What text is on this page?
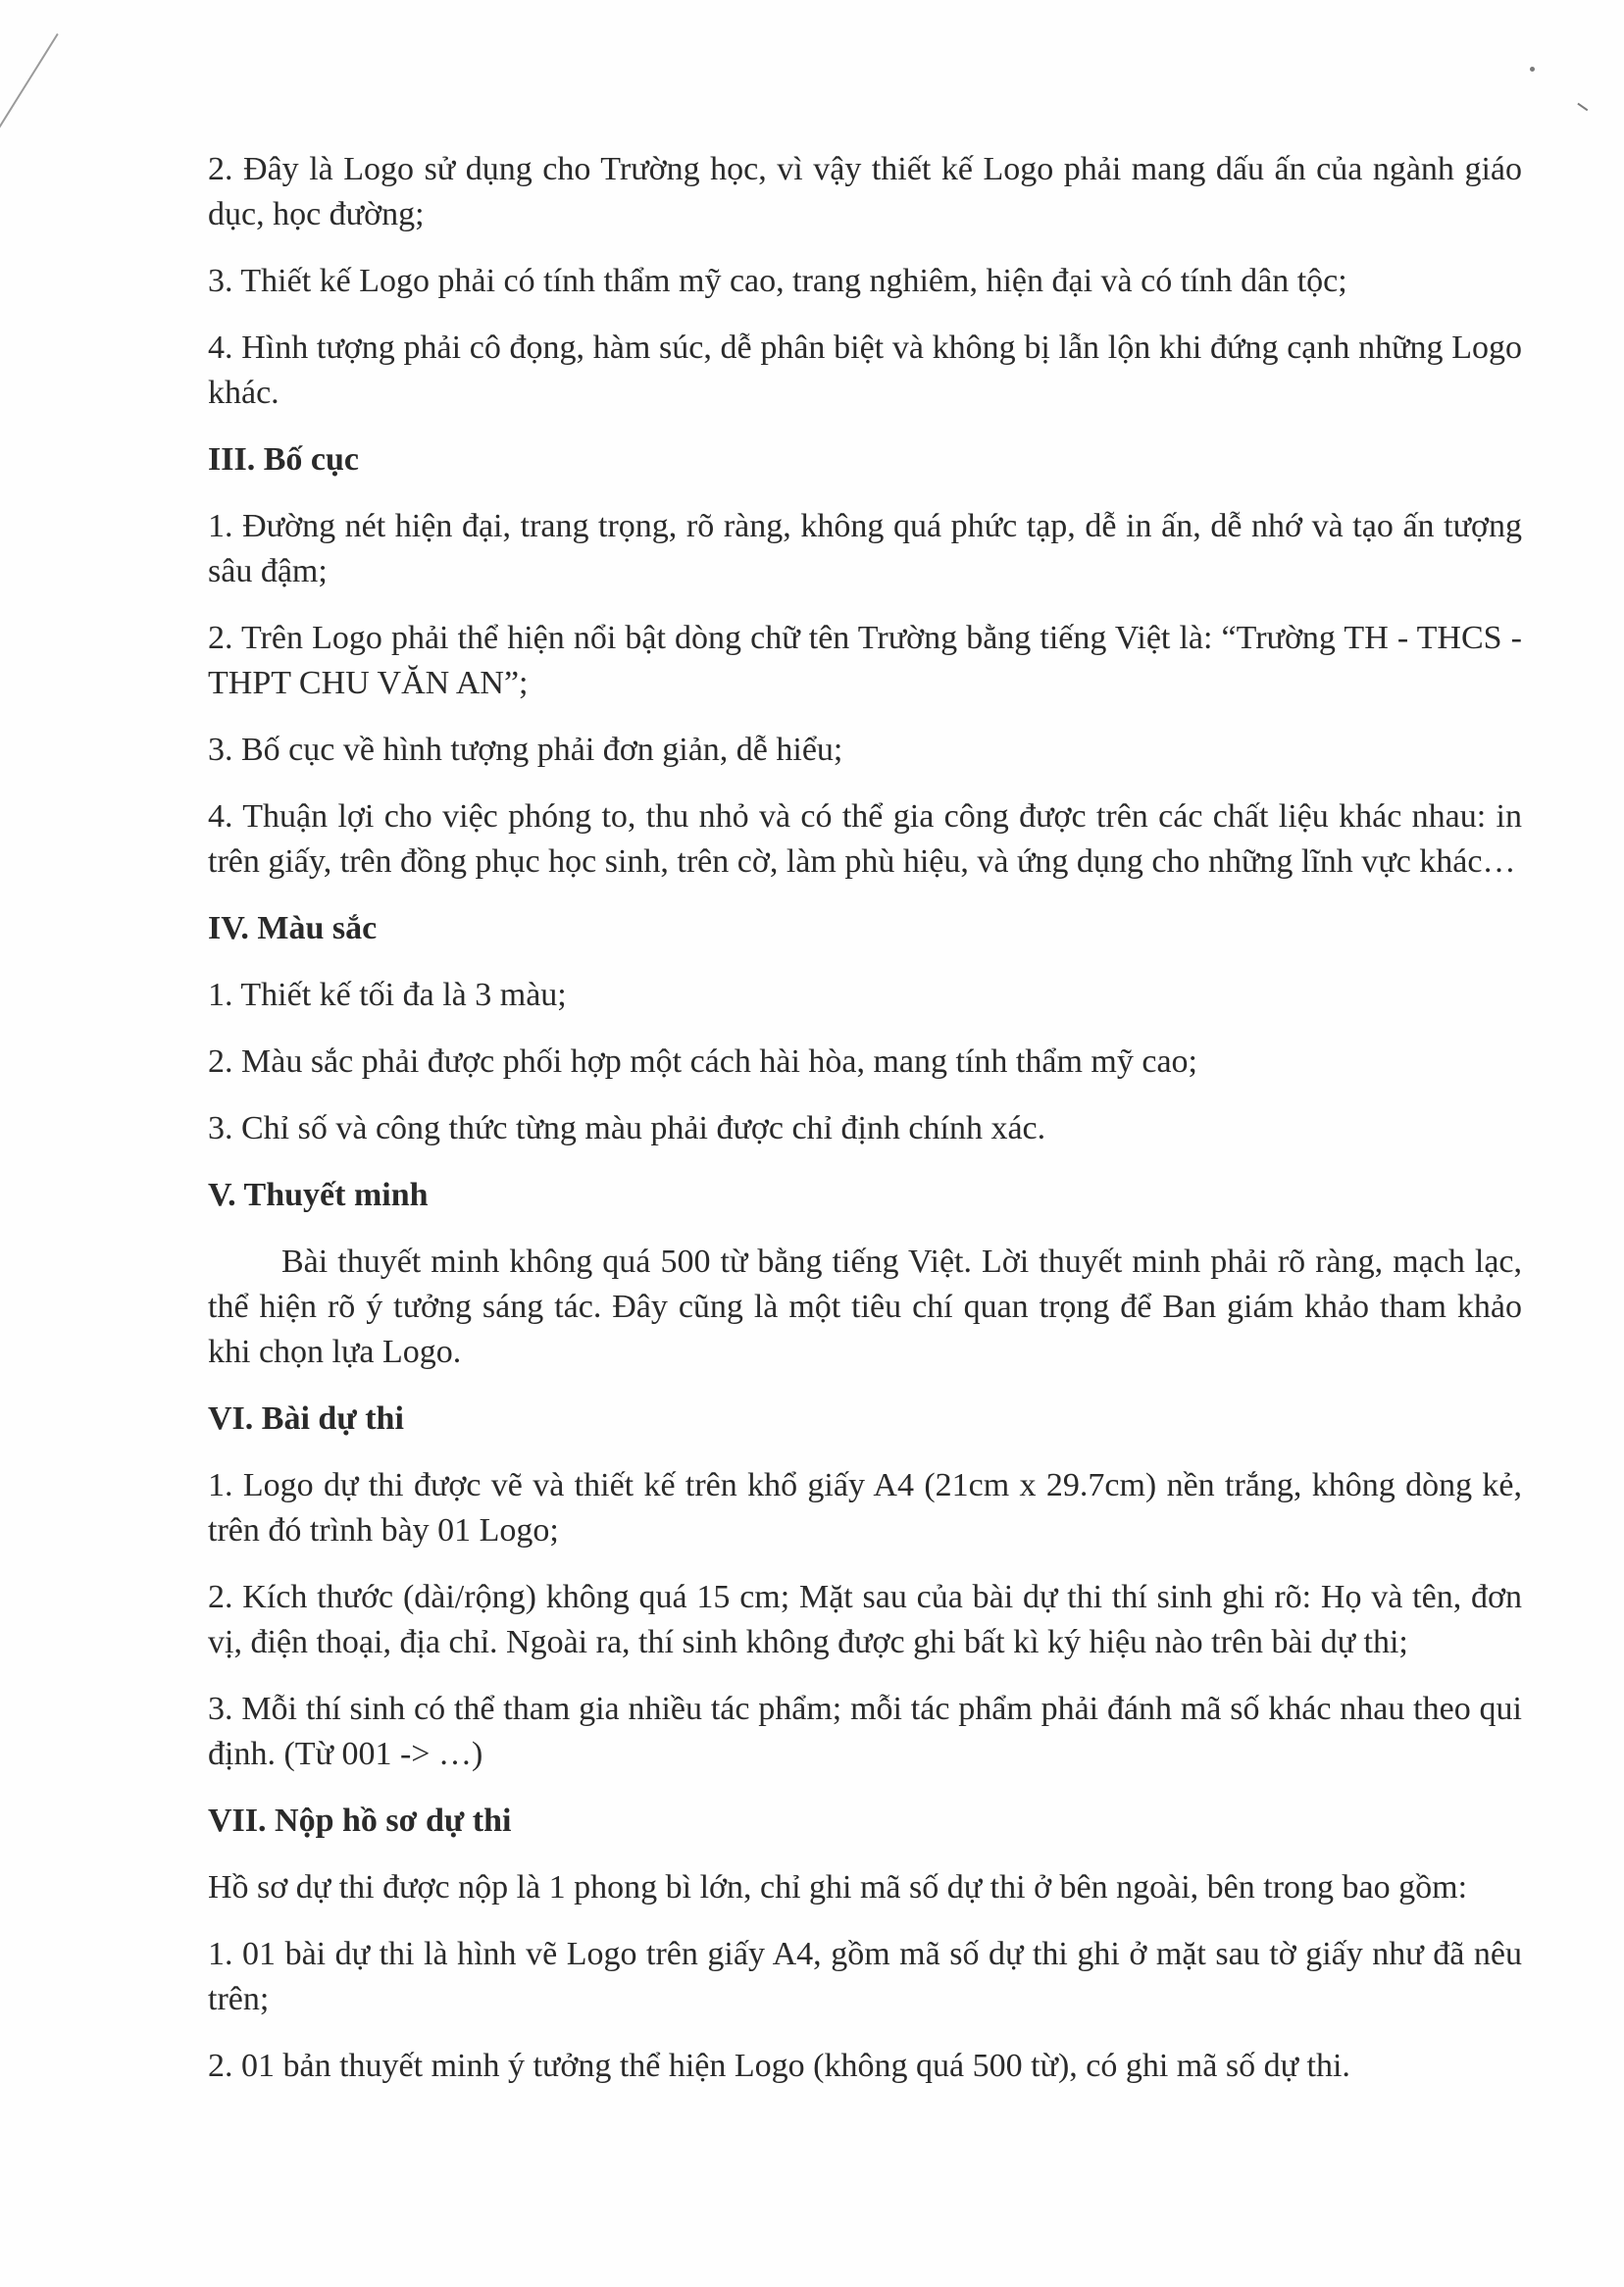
2. Đây là Logo sử dụng cho Trường học, vì vậy thiết kế Logo phải mang dấu ấn của ngành giáo dục, học đường;

3. Thiết kế Logo phải có tính thẩm mỹ cao, trang nghiêm, hiện đại và có tính dân tộc;

4. Hình tượng phải cô đọng, hàm súc, dễ phân biệt và không bị lẫn lộn khi đứng cạnh những Logo khác.

III. Bố cục

1. Đường nét hiện đại, trang trọng, rõ ràng, không quá phức tạp, dễ in ấn, dễ nhớ và tạo ấn tượng sâu đậm;

2. Trên Logo phải thể hiện nổi bật dòng chữ tên Trường bằng tiếng Việt là: “Trường TH - THCS - THPT CHU VĂN AN”;

3. Bố cục về hình tượng phải đơn giản, dễ hiểu;

4. Thuận lợi cho việc phóng to, thu nhỏ và có thể gia công được trên các chất liệu khác nhau: in trên giấy, trên đồng phục học sinh, trên cờ, làm phù hiệu, và ứng dụng cho những lĩnh vực khác…

IV. Màu sắc

1. Thiết kế tối đa là 3 màu;

2. Màu sắc phải được phối hợp một cách hài hòa, mang tính thẩm mỹ cao;

3. Chỉ số và công thức từng màu phải được chỉ định chính xác.

V. Thuyết minh

Bài thuyết minh không quá 500 từ bằng tiếng Việt. Lời thuyết minh phải rõ ràng, mạch lạc, thể hiện rõ ý tưởng sáng tác. Đây cũng là một tiêu chí quan trọng để Ban giám khảo tham khảo khi chọn lựa Logo.

VI. Bài dự thi

1. Logo dự thi được vẽ và thiết kế trên khổ giấy A4 (21cm x 29.7cm) nền trắng, không dòng kẻ, trên đó trình bày 01 Logo;

2. Kích thước (dài/rộng) không quá 15 cm; Mặt sau của bài dự thi thí sinh ghi rõ: Họ và tên, đơn vị, điện thoại, địa chỉ. Ngoài ra, thí sinh không được ghi bất kì ký hiệu nào trên bài dự thi;

3. Mỗi thí sinh có thể tham gia nhiều tác phẩm; mỗi tác phẩm phải đánh mã số khác nhau theo qui định. (Từ 001 -> …)

VII. Nộp hồ sơ dự thi

Hồ sơ dự thi được nộp là 1 phong bì lớn, chỉ ghi mã số dự thi ở bên ngoài, bên trong bao gồm:

1. 01 bài dự thi là hình vẽ Logo trên giấy A4, gồm mã số dự thi ghi ở mặt sau tờ giấy như đã nêu trên;

2. 01 bản thuyết minh ý tưởng thể hiện Logo (không quá 500 từ), có ghi mã số dự thi.
